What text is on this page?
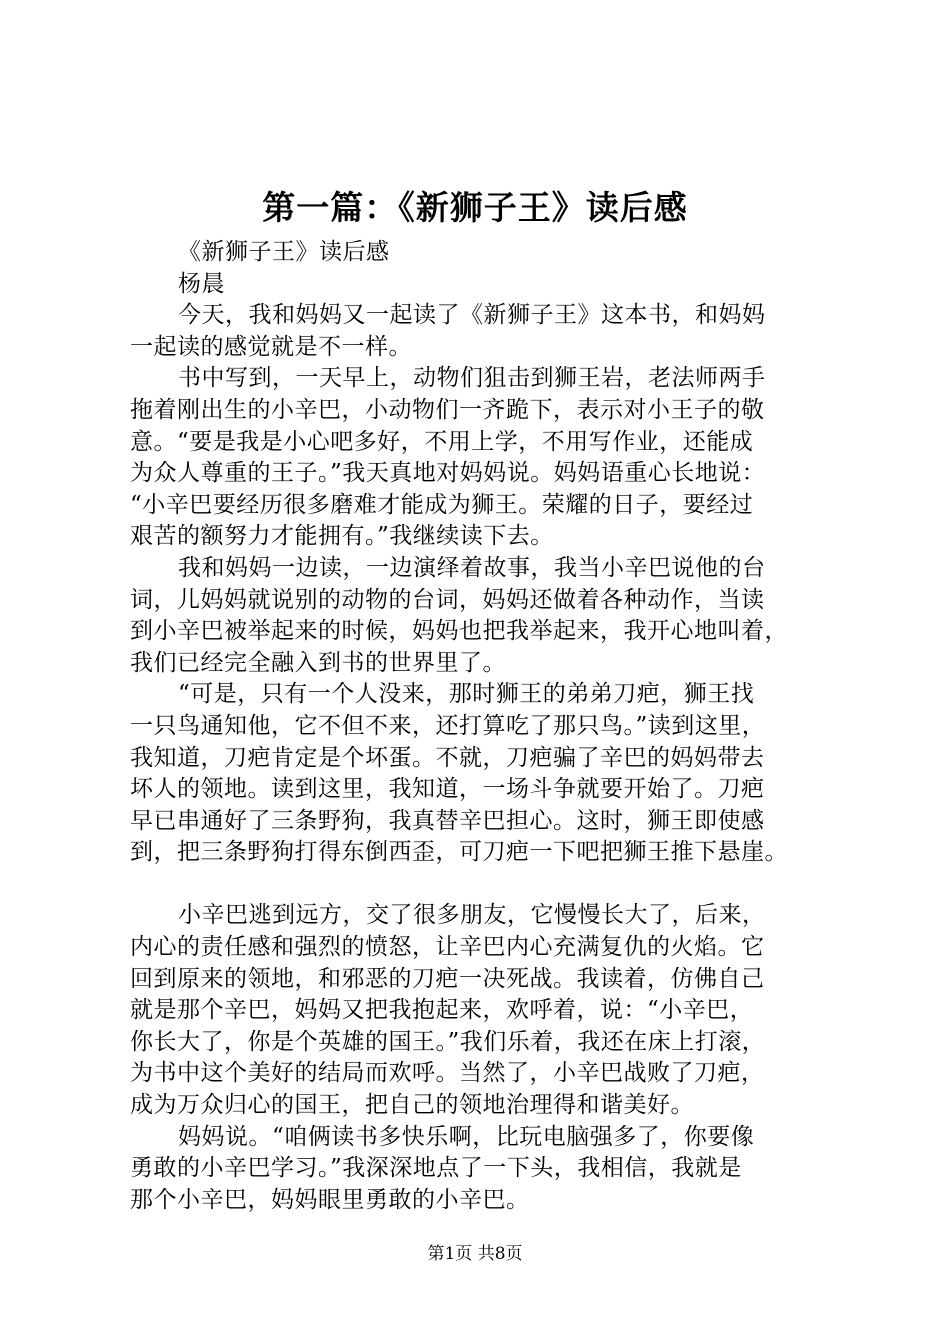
第一篇：《新狮子王》读后感
《新狮子王》读后感
杨晨
今天，我和妈妈又一起读了《新狮子王》这本书，和妈妈
一起读的感觉就是不一样。
书中写到，一天早上，动物们狙击到狮王岩，老法师两手
拖着刚出生的小辛巴，小动物们一齐跪下，表示对小王子的敬
意。“要是我是小心吧多好，不用上学，不用写作业，还能成
为众人尊重的王子。”我天真地对妈妈说。妈妈语重心长地说：
“小辛巴要经历很多磨难才能成为狮王。荣耀的日子，要经过
艰苦的额努力才能拥有。”我继续读下去。
我和妈妈一边读，一边演绎着故事，我当小辛巴说他的台
词，儿妈妈就说别的动物的台词，妈妈还做着各种动作，当读
到小辛巴被举起来的时候，妈妈也把我举起来，我开心地叫着，
我们已经完全融入到书的世界里了。
“可是，只有一个人没来，那时狮王的弟弟刀疤，狮王找
一只鸟通知他，它不但不来，还打算吃了那只鸟。”读到这里，
我知道，刀疤肯定是个坏蛋。不就，刀疤骗了辛巴的妈妈带去
坏人的领地。读到这里，我知道，一场斗争就要开始了。刀疤
早已串通好了三条野狗，我真替辛巴担心。这时，狮王即使感
到，把三条野狗打得东倒西歪，可刀疤一下吧把狮王推下悬崖。
小辛巴逃到远方，交了很多朋友，它慢慢长大了，后来，
内心的责任感和强烈的愤怒，让辛巴内心充满复仇的火焰。它
回到原来的领地，和邪恶的刀疤一决死战。我读着，仿佛自己
就是那个辛巴，妈妈又把我抱起来，欢呼着，说：“小辛巴，
你长大了，你是个英雄的国王。”我们乐着，我还在床上打滚，
为书中这个美好的结局而欢呼。当然了，小辛巴战败了刀疤，
成为万众归心的国王，把自己的领地治理得和谐美好。
妈妈说。“咱俩读书多快乐啊，比玩电脑强多了，你要像
勇敢的小辛巴学习。”我深深地点了一下头，我相信，我就是
那个小辛巴，妈妈眼里勇敢的小辛巴。
第1页 共8页
